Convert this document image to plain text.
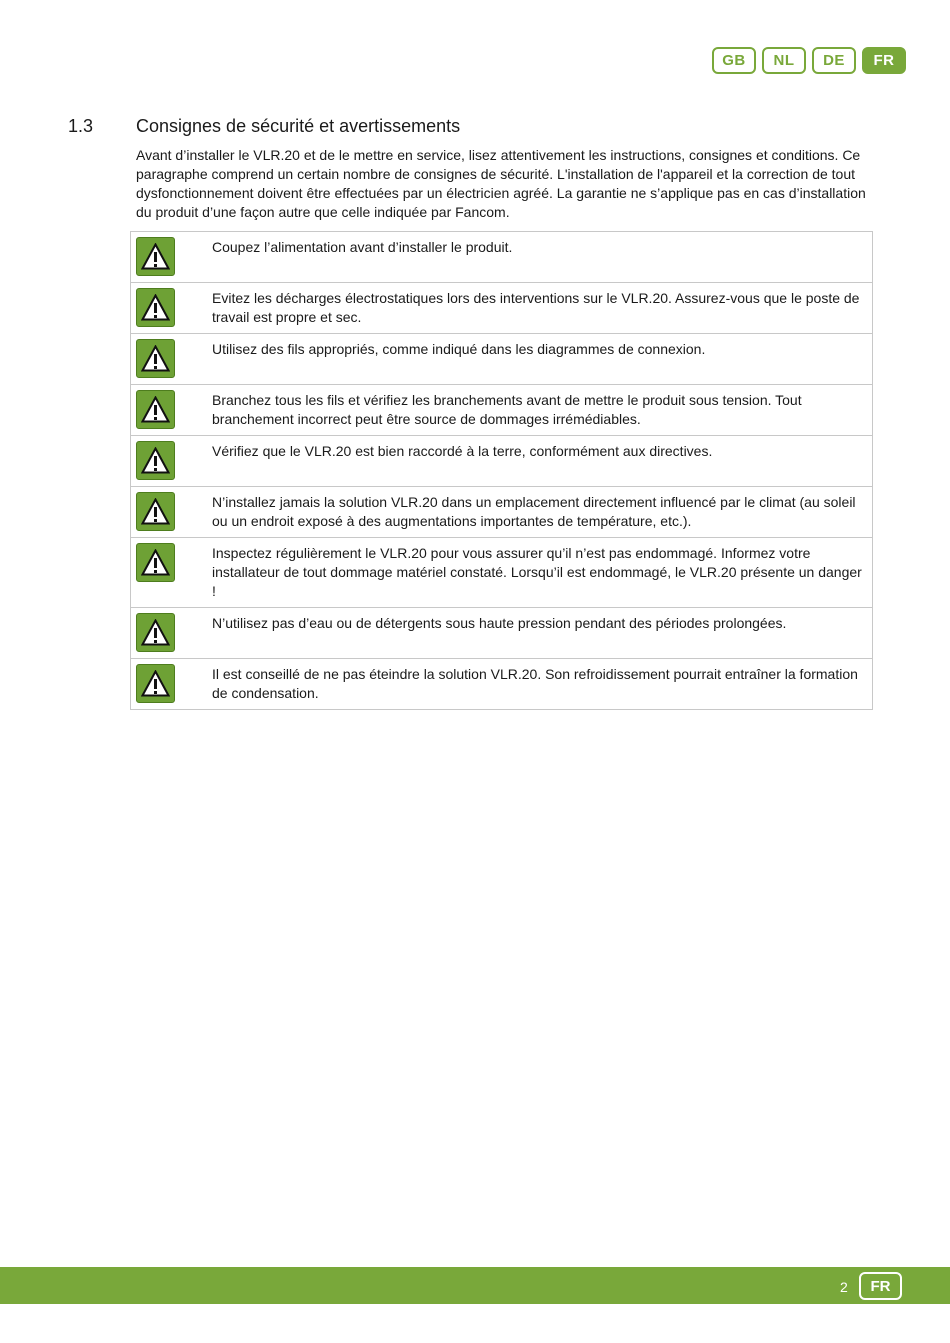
GB	NL	DE	FR
1.3 Consignes de sécurité et avertissements
Avant d’installer le VLR.20 et de le mettre en service, lisez attentivement les instructions, consignes et conditions. Ce paragraphe comprend un certain nombre de consignes de sécurité. L'installation de l'appareil et la correction de tout dysfonctionnement doivent être effectuées par un électricien agréé. La garantie ne s’applique pas en cas d’installation du produit d’une façon autre que celle indiquée par Fancom.
	Coupez l’alimentation avant d’installer le produit.

	Evitez les décharges électrostatiques lors des interventions sur le VLR.20. Assurez-vous que le poste de travail est propre et sec.

	Utilisez des fils appropriés, comme indiqué dans les diagrammes de connexion.

	Branchez tous les fils et vérifiez les branchements avant de mettre le produit sous tension. Tout branchement incorrect peut être source de dommages irrémédiables.

	Vérifiez que le VLR.20 est bien raccordé à la terre, conformément aux directives.

	N’installez jamais la solution VLR.20 dans un emplacement directement influencé par le climat (au soleil ou un endroit exposé à des augmentations importantes de température, etc.).

	Inspectez régulièrement le VLR.20 pour vous assurer qu’il n’est pas endommagé. Informez votre installateur de tout dommage matériel constaté. Lorsqu’il est endommagé, le VLR.20 présente un danger !

	N’utilisez pas d’eau ou de détergents sous haute pression pendant des périodes prolongées.

	Il est conseillé de ne pas éteindre la solution VLR.20. Son refroidissement pourrait entraîner la formation de condensation.
2	FR
